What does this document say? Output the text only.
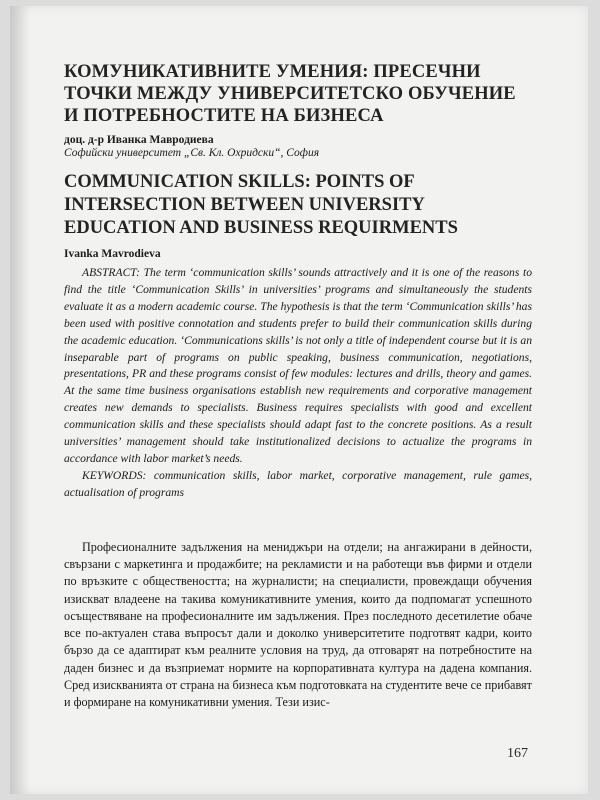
КОМУНИКАТИВНИТЕ УМЕНИЯ: ПРЕСЕЧНИ ТОЧКИ МЕЖДУ УНИВЕРСИТЕТСКО ОБУЧЕНИЕ И ПОТРЕБНОСТИТЕ НА БИЗНЕСА
доц. д-р Иванка Мавродиева
Софийски университет „Св. Кл. Охридски“, София
COMMUNICATION SKILLS: POINTS OF INTERSECTION BETWEEN UNIVERSITY EDUCATION AND BUSINESS REQUIRMENTS
Ivanka Mavrodieva

ABSTRACT: The term ‘communication skills’ sounds attractively and it is one of the reasons to find the title ‘Communication Skills’ in universities’ programs and simultaneously the students evaluate it as a modern academic course. The hypothesis is that the term ‘Communication skills’ has been used with positive connotation and students prefer to build their communication skills during the academic education. ‘Communications skills’ is not only a title of independent course but it is an inseparable part of programs on public speaking, business communication, negotiations, presentations, PR and these programs consist of few modules: lectures and drills, theory and games. At the same time business organisations establish new requirements and corporative management creates new demands to specialists. Business requires specialists with good and excellent communication skills and these specialists should adapt fast to the concrete positions. As a result universities’ management should take institutionalized decisions to actualize the programs in accordance with labor market’s needs.

KEYWORDS: communication skills, labor market, corporative management, rule games, actualisation of programs

Професионалните задължения на мениджъри на отдели; на ангажирани в дейности, свързани с маркетинга и продажбите; на рекламисти и на работещи във фирми и отдели по връзките с обществеността; на журналисти; на специалисти, провеждащи обучения изискват владеене на такива комуникативните умения, които да подпомагат успешното осъществяване на професионалните им задължения. През последното десетилетие обаче все по-актуален става въпросът дали и доколко университетите подготвят кадри, които бързо да се адаптират към реалните условия на труд, да отговарят на потребностите на даден бизнес и да възприемат нормите на корпоративната култура на дадена компания. Сред изискванията от страна на бизнеса към подготовката на студентите вече се прибавят и формиране на комуникативни умения. Тези изис-

167
